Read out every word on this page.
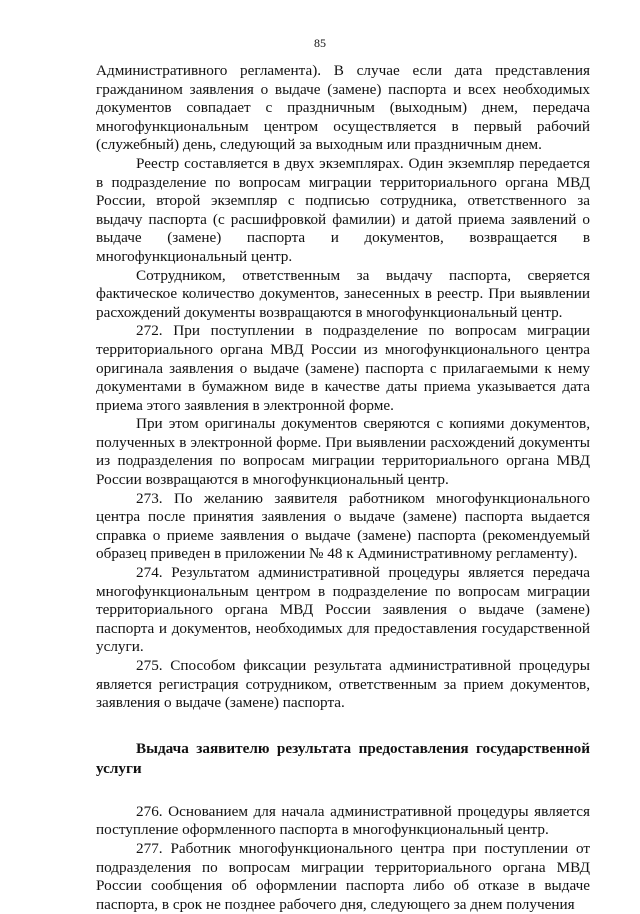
85

Административного регламента). В случае если дата представления гражданином заявления о выдаче (замене) паспорта и всех необходимых документов совпадает с праздничным (выходным) днем, передача многофункциональным центром осуществляется в первый рабочий (служебный) день, следующий за выходным или праздничным днем.

Реестр составляется в двух экземплярах. Один экземпляр передается в подразделение по вопросам миграции территориального органа МВД России, второй экземпляр с подписью сотрудника, ответственного за выдачу паспорта (с расшифровкой фамилии) и датой приема заявлений о выдаче (замене) паспорта и документов, возвращается в многофункциональный центр.

Сотрудником, ответственным за выдачу паспорта, сверяется фактическое количество документов, занесенных в реестр. При выявлении расхождений документы возвращаются в многофункциональный центр.

272. При поступлении в подразделение по вопросам миграции территориального органа МВД России из многофункционального центра оригинала заявления о выдаче (замене) паспорта с прилагаемыми к нему документами в бумажном виде в качестве даты приема указывается дата приема этого заявления в электронной форме.

При этом оригиналы документов сверяются с копиями документов, полученных в электронной форме. При выявлении расхождений документы из подразделения по вопросам миграции территориального органа МВД России возвращаются в многофункциональный центр.

273. По желанию заявителя работником многофункционального центра после принятия заявления о выдаче (замене) паспорта выдается справка о приеме заявления о выдаче (замене) паспорта (рекомендуемый образец приведен в приложении № 48 к Административному регламенту).

274. Результатом административной процедуры является передача многофункциональным центром в подразделение по вопросам миграции территориального органа МВД России заявления о выдаче (замене) паспорта и документов, необходимых для предоставления государственной услуги.

275. Способом фиксации результата административной процедуры является регистрация сотрудником, ответственным за прием документов, заявления о выдаче (замене) паспорта.

Выдача заявителю результата предоставления государственной услуги

276. Основанием для начала административной процедуры является поступление оформленного паспорта в многофункциональный центр.

277. Работник многофункционального центра при поступлении от подразделения по вопросам миграции территориального органа МВД России сообщения об оформлении паспорта либо об отказе в выдаче паспорта, в срок не позднее рабочего дня, следующего за днем получения
